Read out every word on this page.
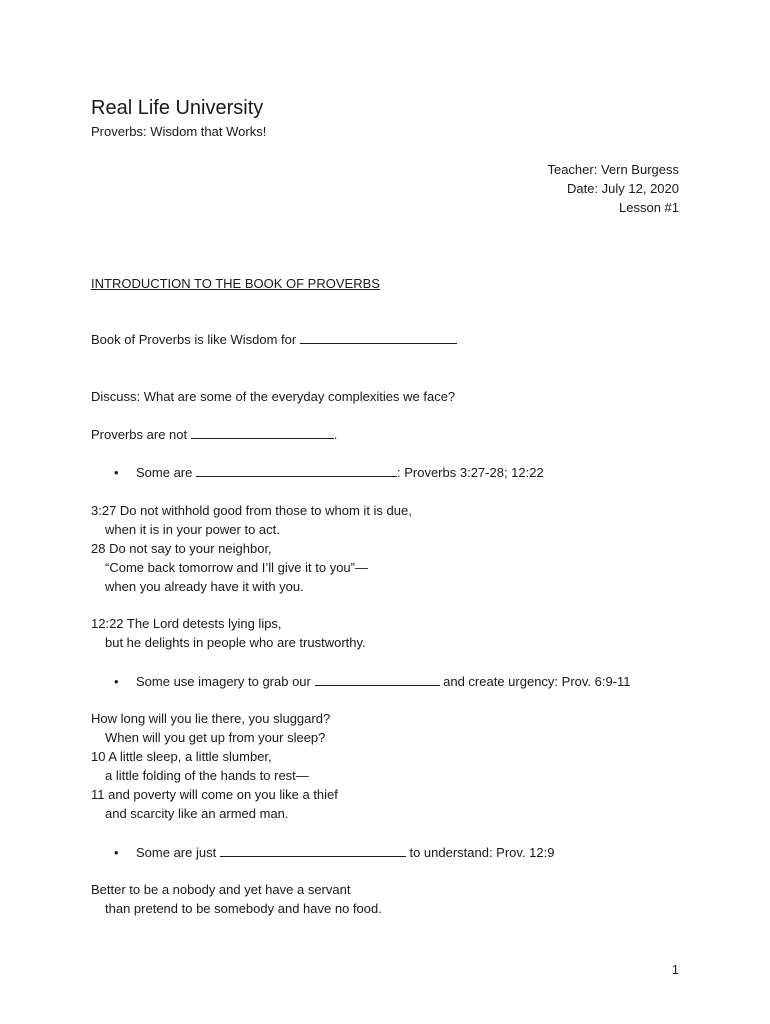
Real Life University
Proverbs: Wisdom that Works!
Teacher: Vern Burgess
Date: July 12, 2020
Lesson #1
INTRODUCTION TO THE BOOK OF PROVERBS
Book of Proverbs is like Wisdom for
Discuss: What are some of the everyday complexities we face?
Proverbs are not	.
• Some are	: Proverbs 3:27-28; 12:22
3:27 Do not withhold good from those to whom it is due,
when it is in your power to act.
28 Do not say to your neighbor,
“Come back tomorrow and I’ll give it to you”—
when you already have it with you.
12:22 The Lord detests lying lips,
but he delights in people who are trustworthy.
• Some use imagery to grab our	and create urgency: Prov. 6:9-11
How long will you lie there, you sluggard?
When will you get up from your sleep?
10 A little sleep, a little slumber,
a little folding of the hands to rest—
11 and poverty will come on you like a thief
and scarcity like an armed man.
• Some are just	to understand: Prov. 12:9
Better to be a nobody and yet have a servant
than pretend to be somebody and have no food.
1
